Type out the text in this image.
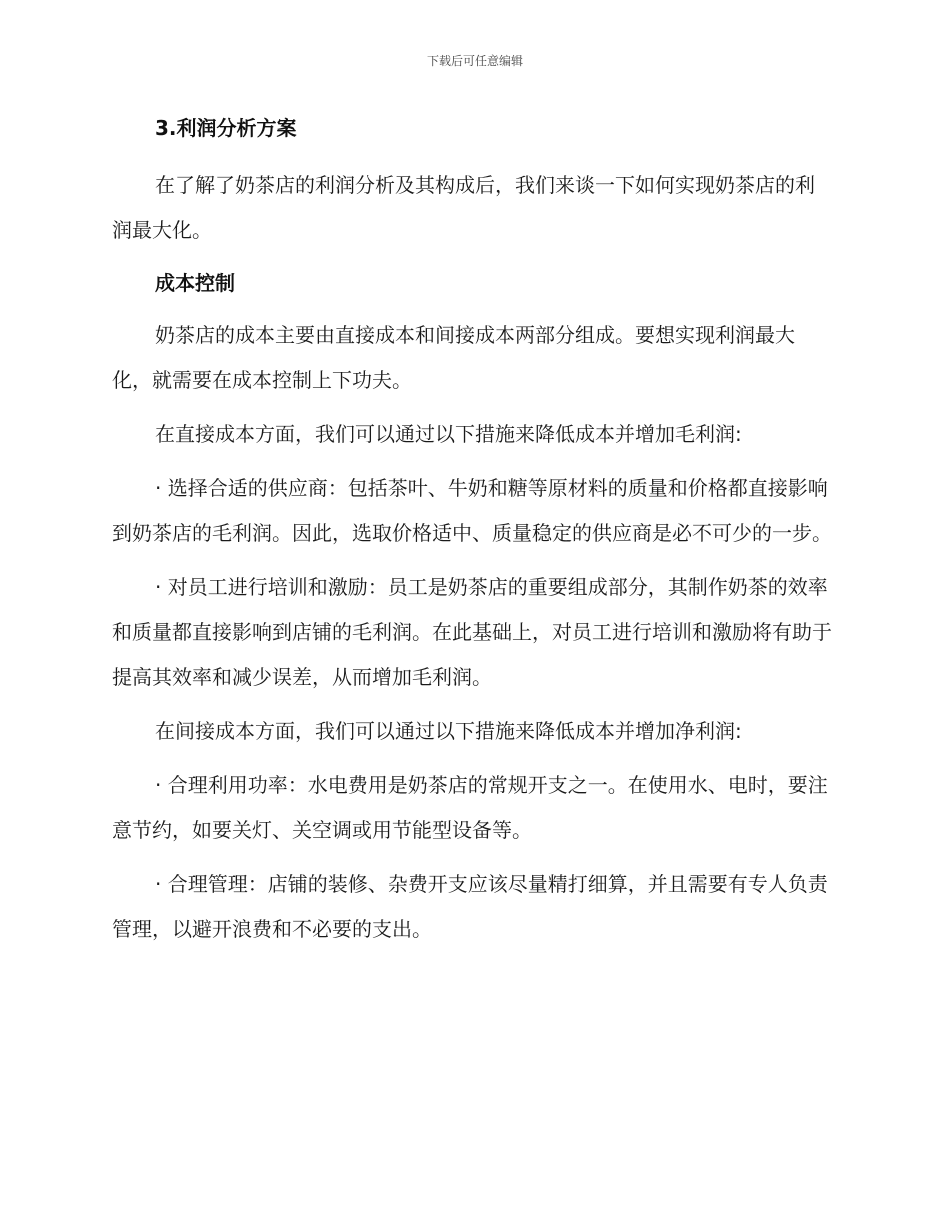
下载后可任意编辑
3.利润分析方案

在了解了奶茶店的利润分析及其构成后，我们来谈一下如何实现奶茶店的利润最大化。

成本控制

奶茶店的成本主要由直接成本和间接成本两部分组成。要想实现利润最大化，就需要在成本控制上下功夫。

在直接成本方面，我们可以通过以下措施来降低成本并增加毛利润:

· 选择合适的供应商：包括茶叶、牛奶和糖等原材料的质量和价格都直接影响到奶茶店的毛利润。因此，选取价格适中、质量稳定的供应商是必不可少的一步。

· 对员工进行培训和激励：员工是奶茶店的重要组成部分，其制作奶茶的效率和质量都直接影响到店铺的毛利润。在此基础上，对员工进行培训和激励将有助于提高其效率和减少误差，从而增加毛利润。

在间接成本方面，我们可以通过以下措施来降低成本并增加净利润:

· 合理利用功率：水电费用是奶茶店的常规开支之一。在使用水、电时，要注意节约，如要关灯、关空调或用节能型设备等。

· 合理管理：店铺的装修、杂费开支应该尽量精打细算，并且需要有专人负责管理，以避开浪费和不必要的支出。
